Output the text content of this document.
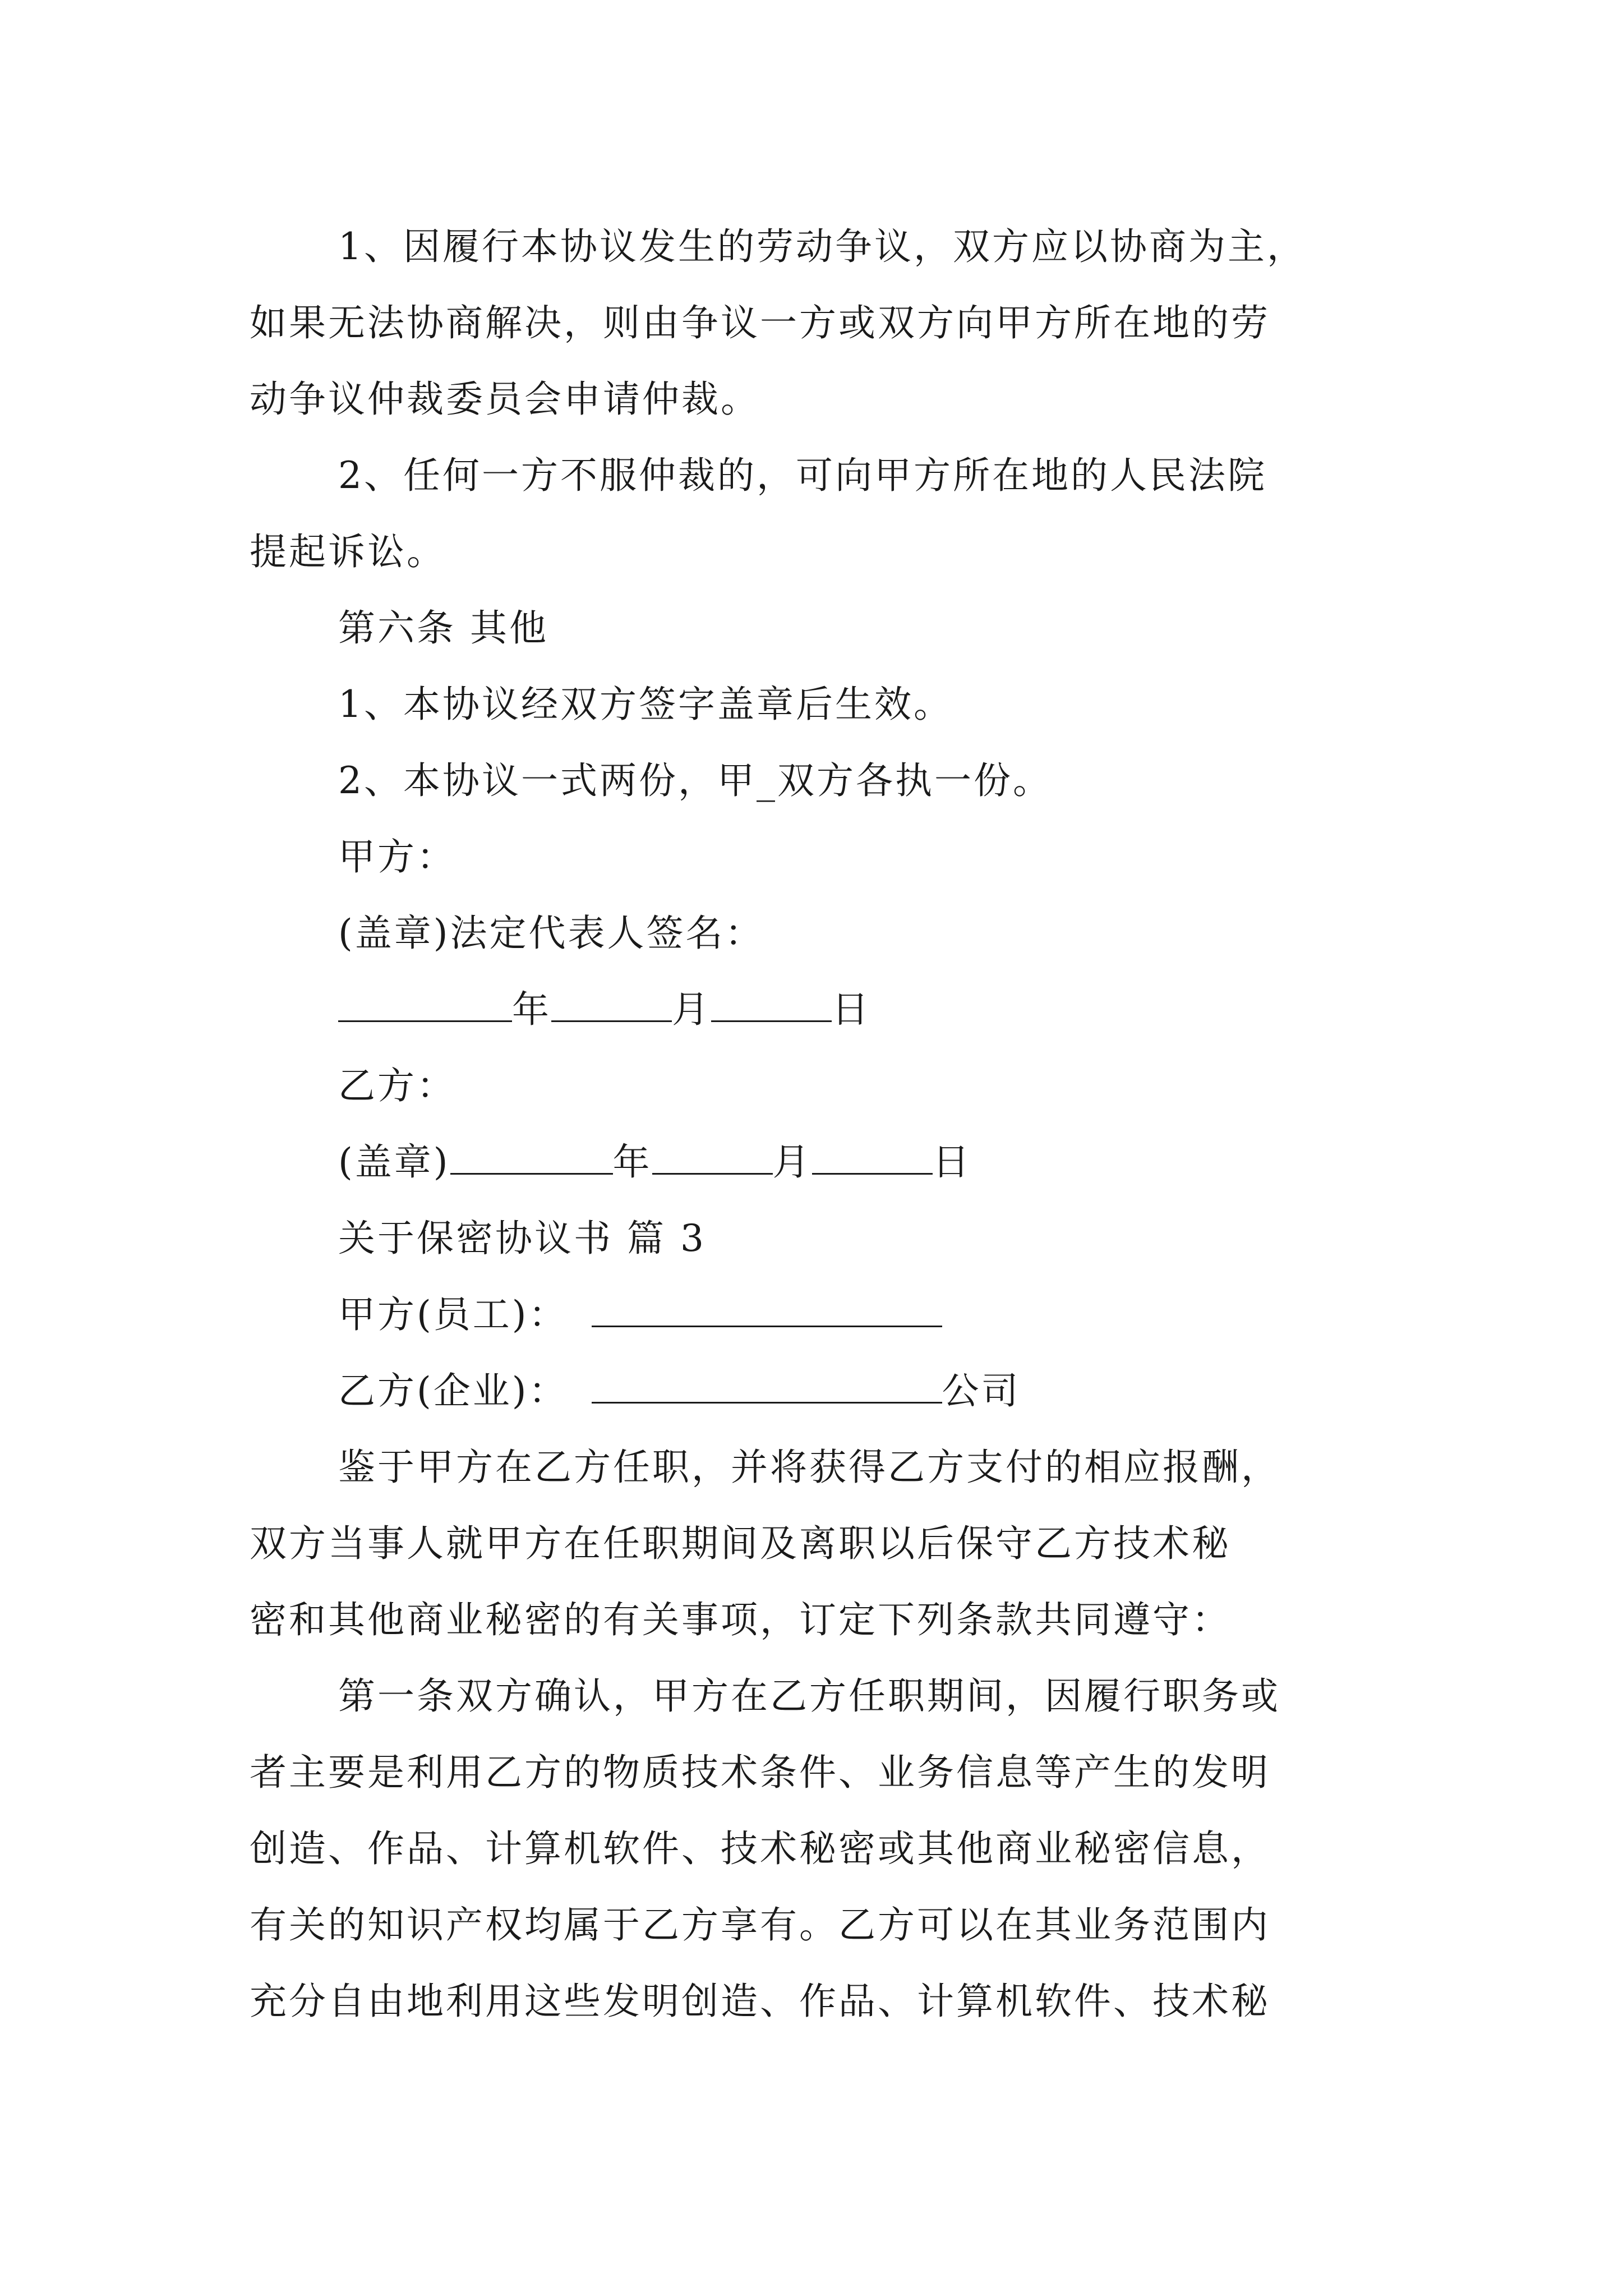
1、因履行本协议发生的劳动争议，双方应以协商为主，
如果无法协商解决，则由争议一方或双方向甲方所在地的劳
动争议仲裁委员会申请仲裁。
2、任何一方不服仲裁的，可向甲方所在地的人民法院
提起诉讼。
第六条 其他
1、本协议经双方签字盖章后生效。
2、本协议一式两份，甲_双方各执一份。
甲方：
(盖章)法定代表人签名：
年	月	日
乙方：
(盖章)	年	月	日
关于保密协议书 篇 3
甲方(员工)：
乙方(企业)：	公司
鉴于甲方在乙方任职，并将获得乙方支付的相应报酬，
双方当事人就甲方在任职期间及离职以后保守乙方技术秘
密和其他商业秘密的有关事项，订定下列条款共同遵守：
第一条双方确认，甲方在乙方任职期间，因履行职务或
者主要是利用乙方的物质技术条件、业务信息等产生的发明
创造、作品、计算机软件、技术秘密或其他商业秘密信息，
有关的知识产权均属于乙方享有。乙方可以在其业务范围内
充分自由地利用这些发明创造、作品、计算机软件、技术秘
